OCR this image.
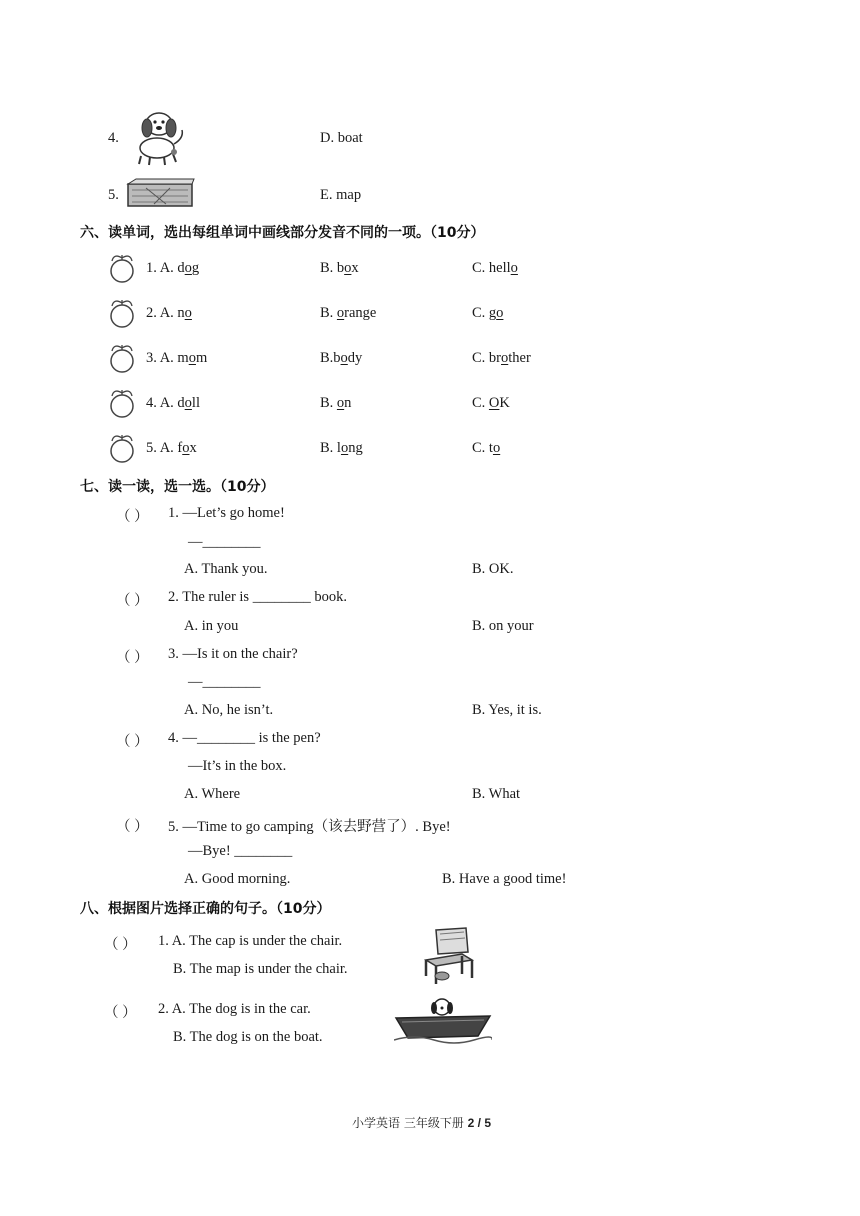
4.	D. boat
5.	E. map
六、读单词，选出每组单词中画线部分发音不同的一项。（10分）
1. A. dog	B. box	C. hello
2. A. no	B. orange	C. go
3. A. mom	B.body	C. brother
4. A. doll	B. on	C. OK
5. A. fox	B. long	C. to
七、读一读，选一选。（10分）
（ ） 1. —Let’s go home!
—________
A. Thank you.	B. OK.
（ ） 2. The ruler is ________ book.
A. in you	B. on your
（ ） 3. —Is it on the chair?
—________
A. No, he isn’t.	B. Yes, it is.
（ ） 4. —________ is the pen?
—It’s in the box.
A. Where	B. What
（ ） 5. —Time to go camping（该去野营了）. Bye!
—Bye! ________
A. Good morning.	B. Have a good time!
八、根据图片选择正确的句子。（10分）
（ ） 1. A. The cap is under the chair.
B. The map is under the chair.
（ ） 2. A. The dog is in the car.
B. The dog is on the boat.
小学英语 三年级下册 2 / 5
